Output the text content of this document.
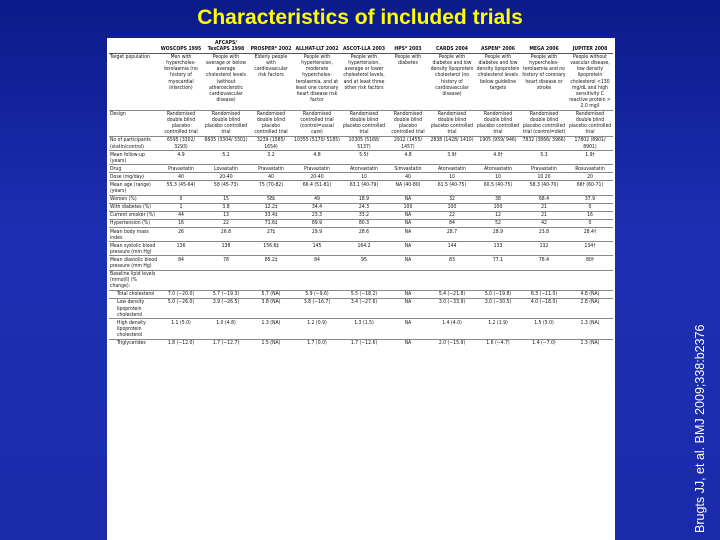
Characteristics of included trials
	WOSCOPS 1995	AFCAPS/ TexCAPS 1998	PROSPER* 2002	ALLHAT-LLT 2002	ASCOT-LLA 2003	HPS* 2003	CARDS 2004	ASPEN* 2006	MEGA 2006	JUPITER 2008
Target population	Men with hypercholes-terolaemia (no history of myocardial infarction)	People with average or below average cholesterol levels (without atherosclerotic cardiovascular disease)	Elderly people with cardiovascular risk factors	People with hypertension, moderate hypercholes-terolaemia, and at least one coronary heart disease risk factor	People with hypertension, average or lower cholesterol levels, and at least three other risk factors	People with diabetes	People with diabetes and low density lipoprotein cholesterol (no history of cardiovascular disease)	People with diabetes and low density lipoprotein cholesterol levels below guideline targets	People with hypercholes-terolaemia and no history of coronary heart disease or stroke	People without vascular disease, low density lipoprotein cholesterol <130 mg/dL and high sensitivity C reactive protein > 2.0 mg/l
Design	Randomised double blind placebo controlled trial	Randomised double blind placebo controlled trial	Randomised double blind placebo controlled trial	Randomised controlled trial (control=usual care)	Randomised double blind placebo controlled trial	Randomised double blind placebo controlled trial	Randomised double blind placebo controlled trial	Randomised double blind placebo controlled trial	Randomised double blind placebo controlled trial (control=diet)	Randomised double blind placebo controlled trial
No of participants (statin/control)	6595 (3302/ 3293)	6605 (3304/ 3301)	3239 (1585/ 1654)	10355 (5170/ 5185)	10305 (5168/ 5137)	2912 (1455/ 1457)	2838 (1428/ 1410)	1905 (959/ 946)	7832 (3866/ 3966)	17802 (8901/ 8901)
Mean follow-up (years)	4.9	5.2	3.2	4.8	5.5†	4.8	3.9†	4.0†	5.3	1.9†
Drug	Pravastatin	Lovastatin	Pravastatin	Pravastatin	Atorvastatin	Simvastatin	Atorvastatin	Atorvastatin	Pravastatin	Rosuvastatin
Dose (mg/day)	40	20-40	40	20-40	10	40	10	10	10 20	20
Mean age (range) (years)	55.3 (45-64)	58 (45-73)	75 (70-82)	66.4 (51-81)	63.1 (40-79)	NA (40-80)	61.5 (40-75)	60.5 (40-75)	58.3 (40-70)	66† (60-71)
Women (%)	0	15	58‡	49	18.9	NA	32	38	68.4	37.9
With diabetes (%)	1	3.8	12.2‡	34.4	24.3	100	100	100	21	0
Current smoker (%)	44	13	33.4‡	23.3	33.2	NA	22	12	21	16
Hypertension (%)	16	22	71.6‡	89.9	80.3	NA	84	52	42	0
Mean body mass index	26	26.8	27‡	29.9	28.6	NA	28.7	28.9	23.8	28.4†
Mean systolic blood pressure (mm Hg)	136	138	156.6‡	145	164.2	NA	144	133	132	134†
Mean diastolic blood pressure (mm Hg)	84	78	85.2‡	84	95	NA	83	77.1	78.4	80†
Baseline lipid levels (mmol/l) (% change):										
Total cholesterol	7.0 (−20.0)	5.7 (−19.3)	5.7 (NA)	5.9 (−9.6)	5.5 (−18.2)	NA	5.4 (−21.8)	5.0 (−19.8)	6.3 (−11.0)	4.8 (NA)
Low density lipoprotein cholesterol	5.0 (−26.0)	3.9 (−26.5)	3.8 (NA)	3.8 (−16.7)	3.4 (−27.6)	NA	3.0 (−33.9)	3.0 (−30.5)	4.0 (−18.0)	2.8 (NA)
High density lipoprotein cholesterol	1.1 (5.0)	1.0 (4.8)	1.3 (NA)	1.2 (0.9)	1.3 (1.5)	NA	1.4 (4.0)	1.2 (1.9)	1.5 (5.0)	1.3 (NA)
Triglycerides	1.8 (−12.0)	1.7 (−12.7)	1.5 (NA)	1.7 (0.0)	1.7 (−12.6)	NA	2.0 (−15.9)	1.6 (−4.7)	1.4 (−7.0)	1.3 (NA)	Brugts JJ, et al. BMJ 2009;338:b2376
